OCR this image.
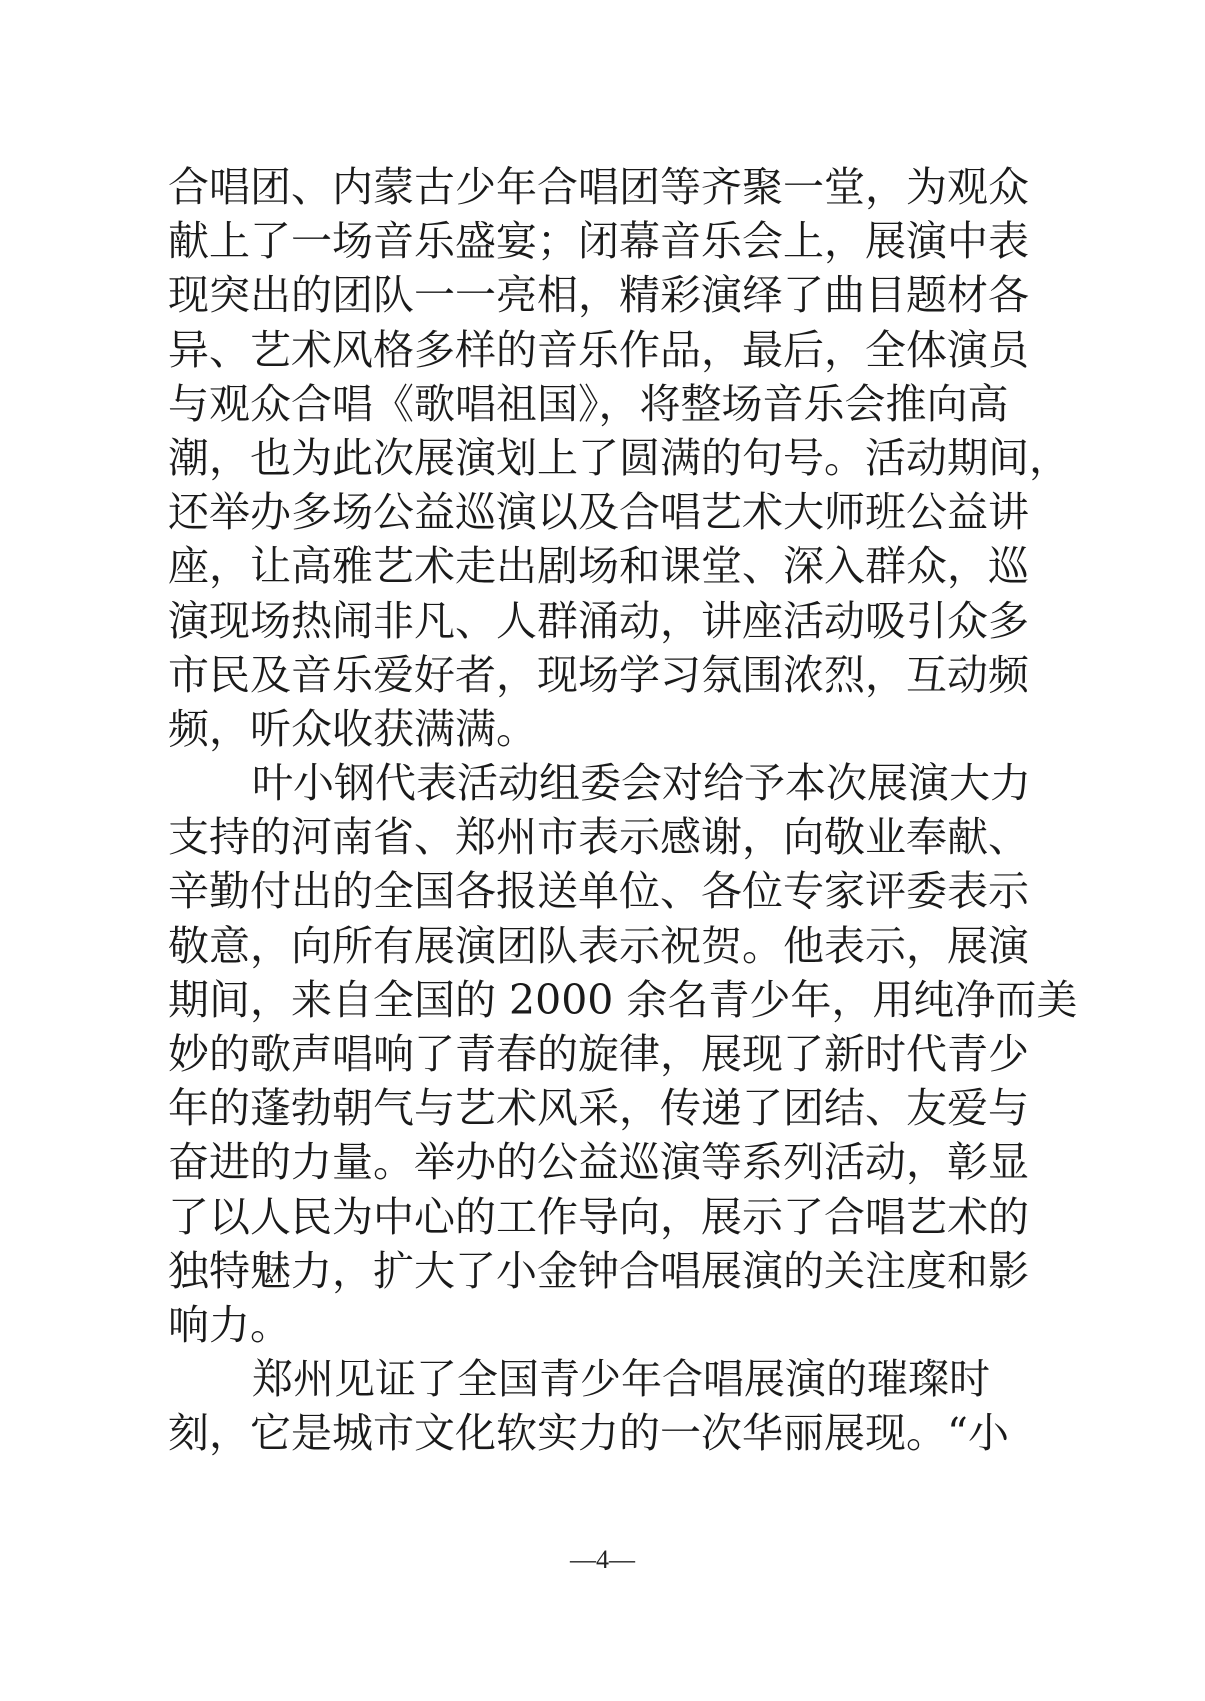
合唱团、内蒙古少年合唱团等齐聚一堂，为观众
献上了一场音乐盛宴；闭幕音乐会上，展演中表
现突出的团队一一亮相，精彩演绎了曲目题材各
异、艺术风格多样的音乐作品，最后，全体演员
与观众合唱《歌唱祖国》，将整场音乐会推向高
潮，也为此次展演划上了圆满的句号。活动期间，
还举办多场公益巡演以及合唱艺术大师班公益讲
座，让高雅艺术走出剧场和课堂、深入群众，巡
演现场热闹非凡、人群涌动，讲座活动吸引众多
市民及音乐爱好者，现场学习氛围浓烈，互动频
频，听众收获满满。
叶小钢代表活动组委会对给予本次展演大力
支持的河南省、郑州市表示感谢，向敬业奉献、
辛勤付出的全国各报送单位、各位专家评委表示
敬意，向所有展演团队表示祝贺。他表示，展演
期间，来自全国的 2000 余名青少年，用纯净而美
妙的歌声唱响了青春的旋律，展现了新时代青少
年的蓬勃朝气与艺术风采，传递了团结、友爱与
奋进的力量。举办的公益巡演等系列活动，彰显
了以人民为中心的工作导向，展示了合唱艺术的
独特魅力，扩大了小金钟合唱展演的关注度和影
响力。
郑州见证了全国青少年合唱展演的璀璨时
刻，它是城市文化软实力的一次华丽展现。“小
—4—
